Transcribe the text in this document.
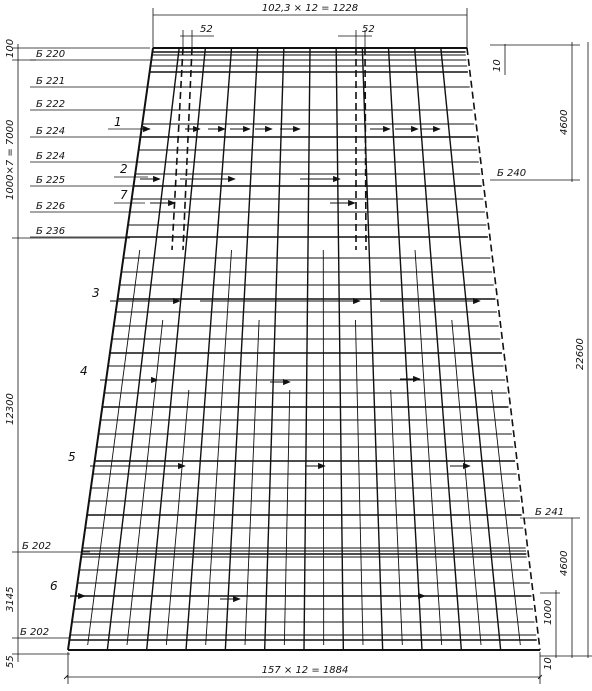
102,3 × 12 = 1228
52	52
157 × 12 = 1884
10
100
1000×7 = 7000
12300
3145
55
10
4600
22600
4600
1000
Б 220
Б 221
Б 222
Б 224
Б 224
Б 225
Б 226
Б 236
Б 202
Б 202
Б 240
Б 241
1
2
7
3
4
5
6
